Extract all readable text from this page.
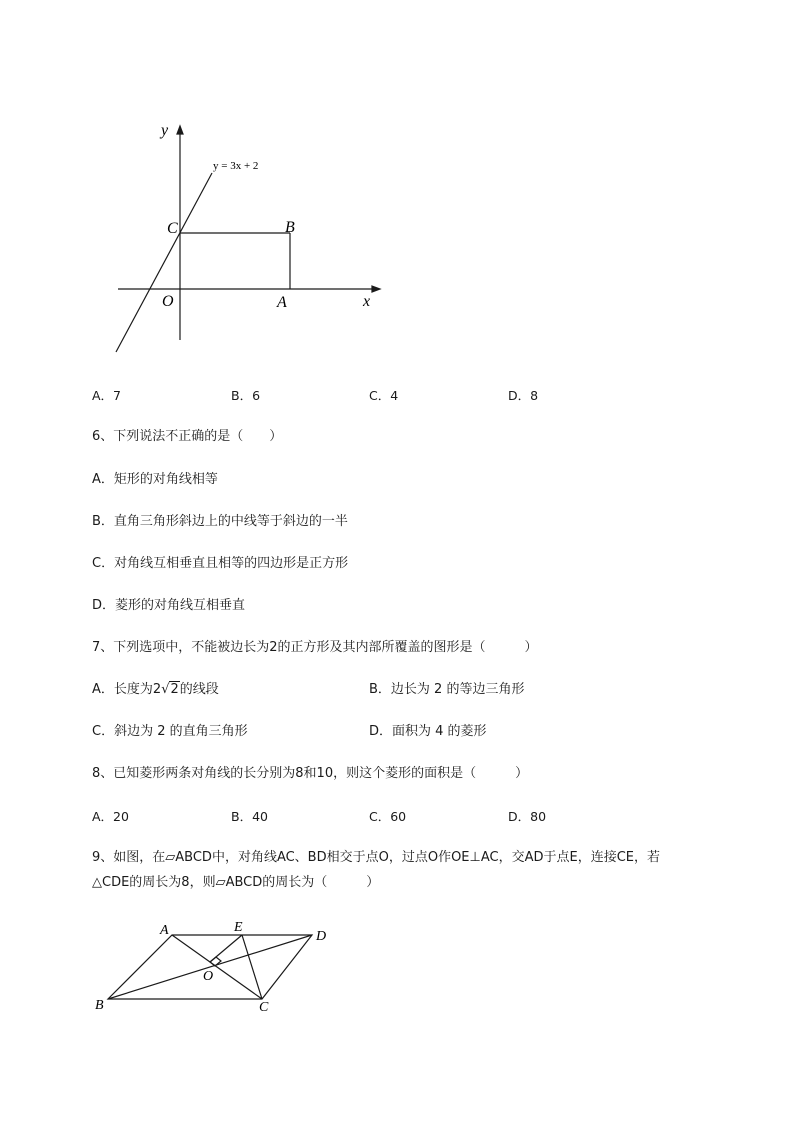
y
y = 3x + 2
C	B
O	A	x
A．7	B．6	C．4	D．8
6、下列说法不正确的是（　　）
A．矩形的对角线相等
B．直角三角形斜边上的中线等于斜边的一半
C．对角线互相垂直且相等的四边形是正方形
D．菱形的对角线互相垂直
7、下列选项中，不能被边长为2的正方形及其内部所覆盖的图形是（　　　）
A．长度为2√2的线段	B．边长为 2 的等边三角形
C．斜边为 2 的直角三角形	D．面积为 4 的菱形
8、已知菱形两条对角线的长分别为8和10，则这个菱形的面积是（　　　）
A．20	B．40	C．60	D．80
9、如图，在▱ABCD中，对角线AC、BD相交于点O，过点O作OE⊥AC，交AD于点E，连接CE，若
△CDE的周长为8，则▱ABCD的周长为（　　　）
A	E
D
O
B	C
